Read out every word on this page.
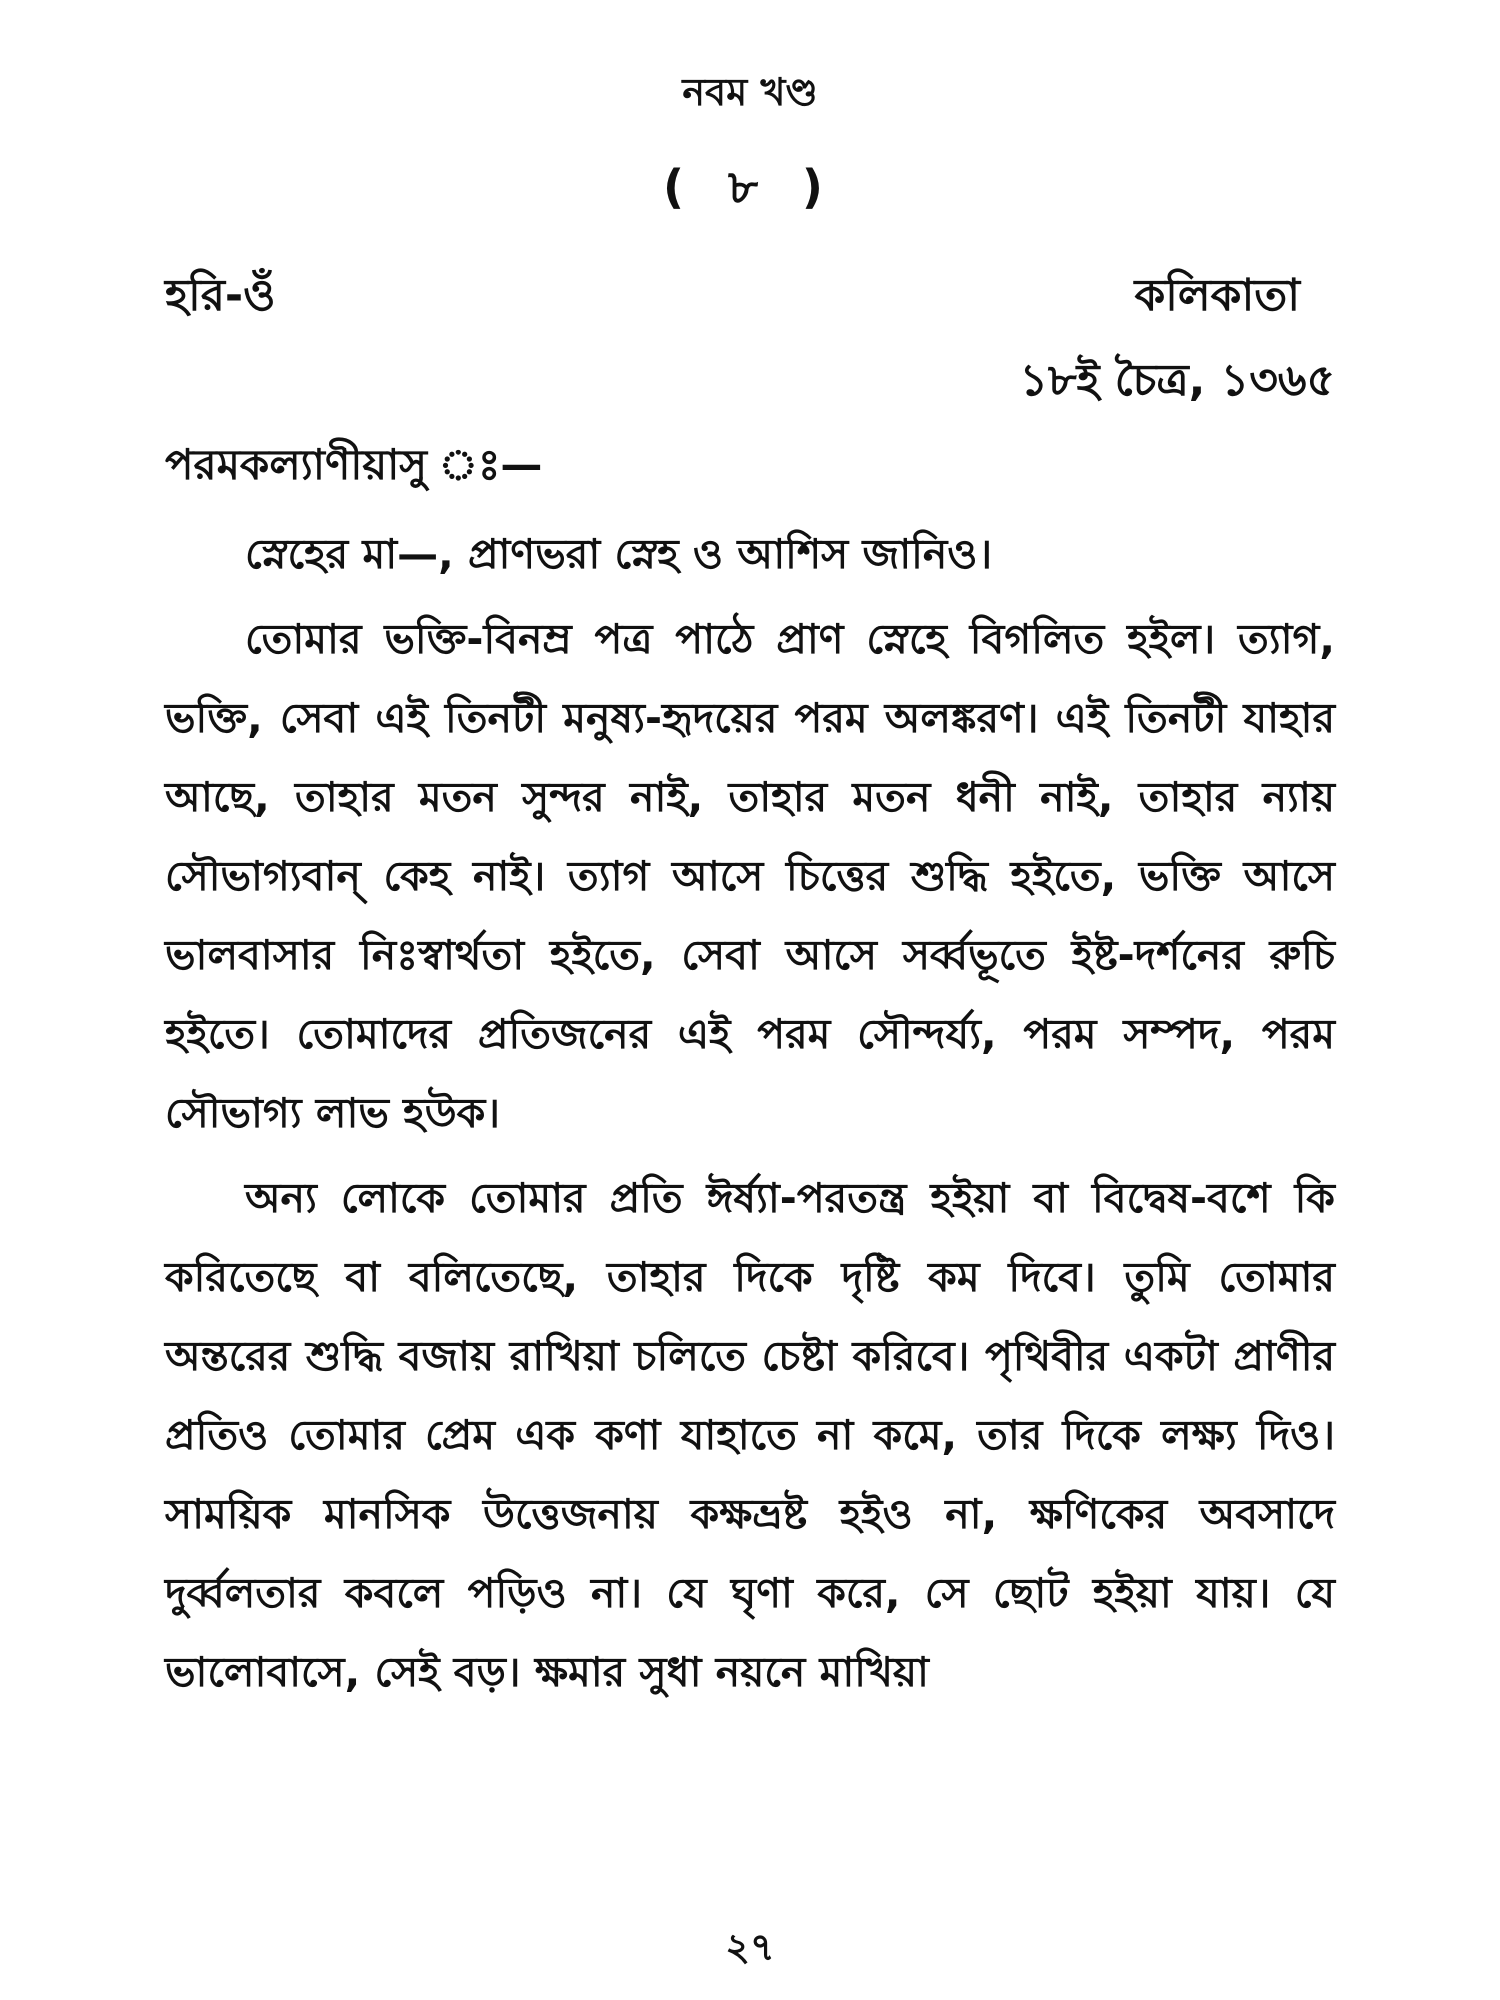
নবম খণ্ড
( ৮ )
হরি-ওঁ	কলিকাতা
১৮ই চৈত্র, ১৩৬৫
পরমকল্যাণীয়াসু ঃ—

স্নেহের মা—, প্রাণভরা স্নেহ ও আশিস জানিও।

তোমার ভক্তি-বিনম্র পত্র পাঠে প্রাণ স্নেহে বিগলিত হইল। ত্যাগ, ভক্তি, সেবা এই তিনটী মনুষ্য-হৃদয়ের পরম অলঙ্করণ। এই তিনটী যাহার আছে, তাহার মতন সুন্দর নাই, তাহার মতন ধনী নাই, তাহার ন্যায় সৌভাগ্যবান্ কেহ নাই। ত্যাগ আসে চিত্তের শুদ্ধি হইতে, ভক্তি আসে ভালবাসার নিঃস্বার্থতা হইতে, সেবা আসে সর্ব্বভূতে ইষ্ট-দর্শনের রুচি হইতে। তোমাদের প্রতিজনের এই পরম সৌন্দর্য্য, পরম সম্পদ, পরম সৌভাগ্য লাভ হউক।

অন্য লোকে তোমার প্রতি ঈর্ষ্যা-পরতন্ত্র হইয়া বা বিদ্বেষ-বশে কি করিতেছে বা বলিতেছে, তাহার দিকে দৃষ্টি কম দিবে। তুমি তোমার অন্তরের শুদ্ধি বজায় রাখিয়া চলিতে চেষ্টা করিবে। পৃথিবীর একটা প্রাণীর প্রতিও তোমার প্রেম এক কণা যাহাতে না কমে, তার দিকে লক্ষ্য দিও। সাময়িক মানসিক উত্তেজনায় কক্ষভ্রষ্ট হইও না, ক্ষণিকের অবসাদে দুর্ব্বলতার কবলে পড়িও না। যে ঘৃণা করে, সে ছোট হইয়া যায়। যে ভালোবাসে, সেই বড়। ক্ষমার সুধা নয়নে মাখিয়া

২৭
